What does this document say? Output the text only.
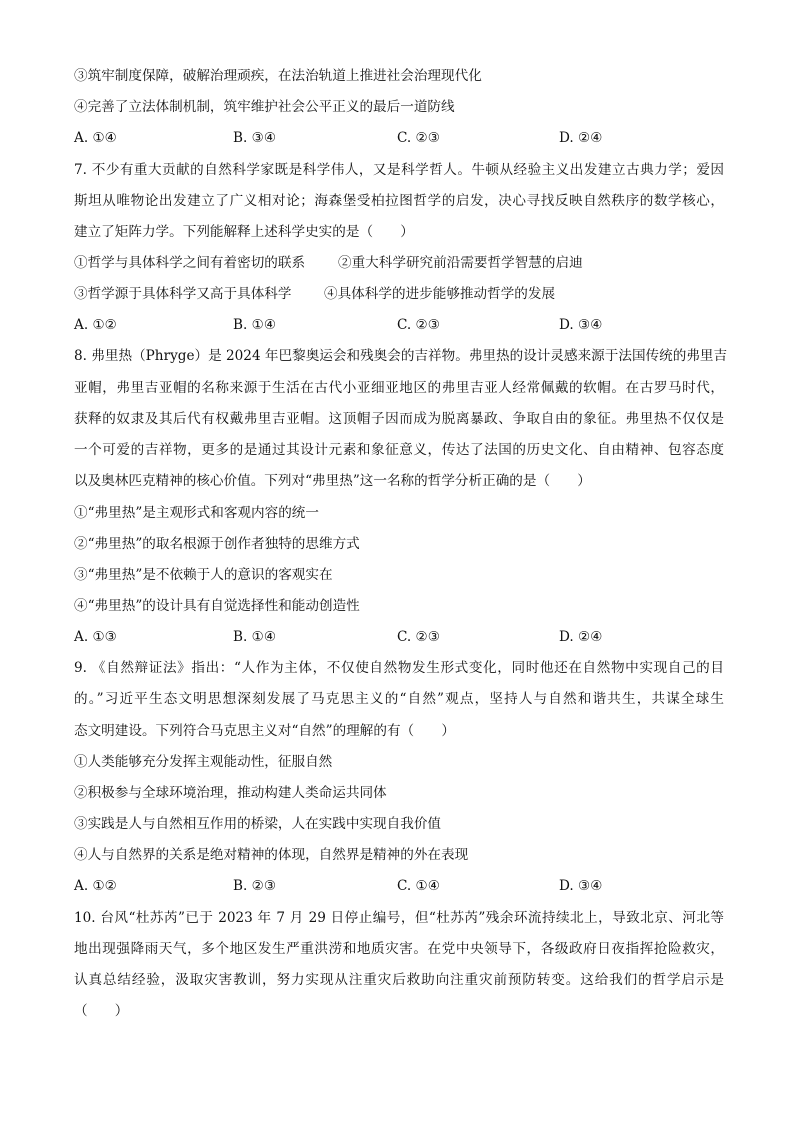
③筑牢制度保障，破解治理顽疾，在法治轨道上推进社会治理现代化
④完善了立法体制机制，筑牢维护社会公平正义的最后一道防线
A. ①④	B. ③④	C. ②③	D. ②④
7. 不少有重大贡献的自然科学家既是科学伟人，又是科学哲人。牛顿从经验主义出发建立古典力学；爱因
斯坦从唯物论出发建立了广义相对论；海森堡受柏拉图哲学的启发，决心寻找反映自然秩序的数学核心，
建立了矩阵力学。下列能解释上述科学史实的是（　　）
①哲学与具体科学之间有着密切的联系 ②重大科学研究前沿需要哲学智慧的启迪
③哲学源于具体科学又高于具体科学 ④具体科学的进步能够推动哲学的发展
A. ①②	B. ①④	C. ②③	D. ③④
8. 弗里热（Phryge）是 2024 年巴黎奥运会和残奥会的吉祥物。弗里热的设计灵感来源于法国传统的弗里吉
亚帽，弗里吉亚帽的名称来源于生活在古代小亚细亚地区的弗里吉亚人经常佩戴的软帽。在古罗马时代，
获释的奴隶及其后代有权戴弗里吉亚帽。这顶帽子因而成为脱离暴政、争取自由的象征。弗里热不仅仅是
一个可爱的吉祥物，更多的是通过其设计元素和象征意义，传达了法国的历史文化、自由精神、包容态度
以及奥林匹克精神的核心价值。下列对“弗里热”这一名称的哲学分析正确的是（　　）
①“弗里热”是主观形式和客观内容的统一
②“弗里热”的取名根源于创作者独特的思维方式
③“弗里热”是不依赖于人的意识的客观实在
④“弗里热”的设计具有自觉选择性和能动创造性
A. ①③	B. ①④	C. ②③	D. ②④
9. 《自然辩证法》指出：“人作为主体，不仅使自然物发生形式变化，同时他还在自然物中实现自己的目
的。”习近平生态文明思想深刻发展了马克思主义的“自然”观点，坚持人与自然和谐共生，共谋全球生
态文明建设。下列符合马克思主义对“自然”的理解的有（　　）
①人类能够充分发挥主观能动性，征服自然
②积极参与全球环境治理，推动构建人类命运共同体
③实践是人与自然相互作用的桥梁，人在实践中实现自我价值
④人与自然界的关系是绝对精神的体现，自然界是精神的外在表现
A. ①②	B. ②③	C. ①④	D. ③④
10. 台风“杜苏芮”已于 2023 年 7 月 29 日停止编号，但“杜苏芮”残余环流持续北上，导致北京、河北等
地出现强降雨天气，多个地区发生严重洪涝和地质灾害。在党中央领导下，各级政府日夜指挥抢险救灾，
认真总结经验，汲取灾害教训，努力实现从注重灾后救助向注重灾前预防转变。这给我们的哲学启示是
（　　）
